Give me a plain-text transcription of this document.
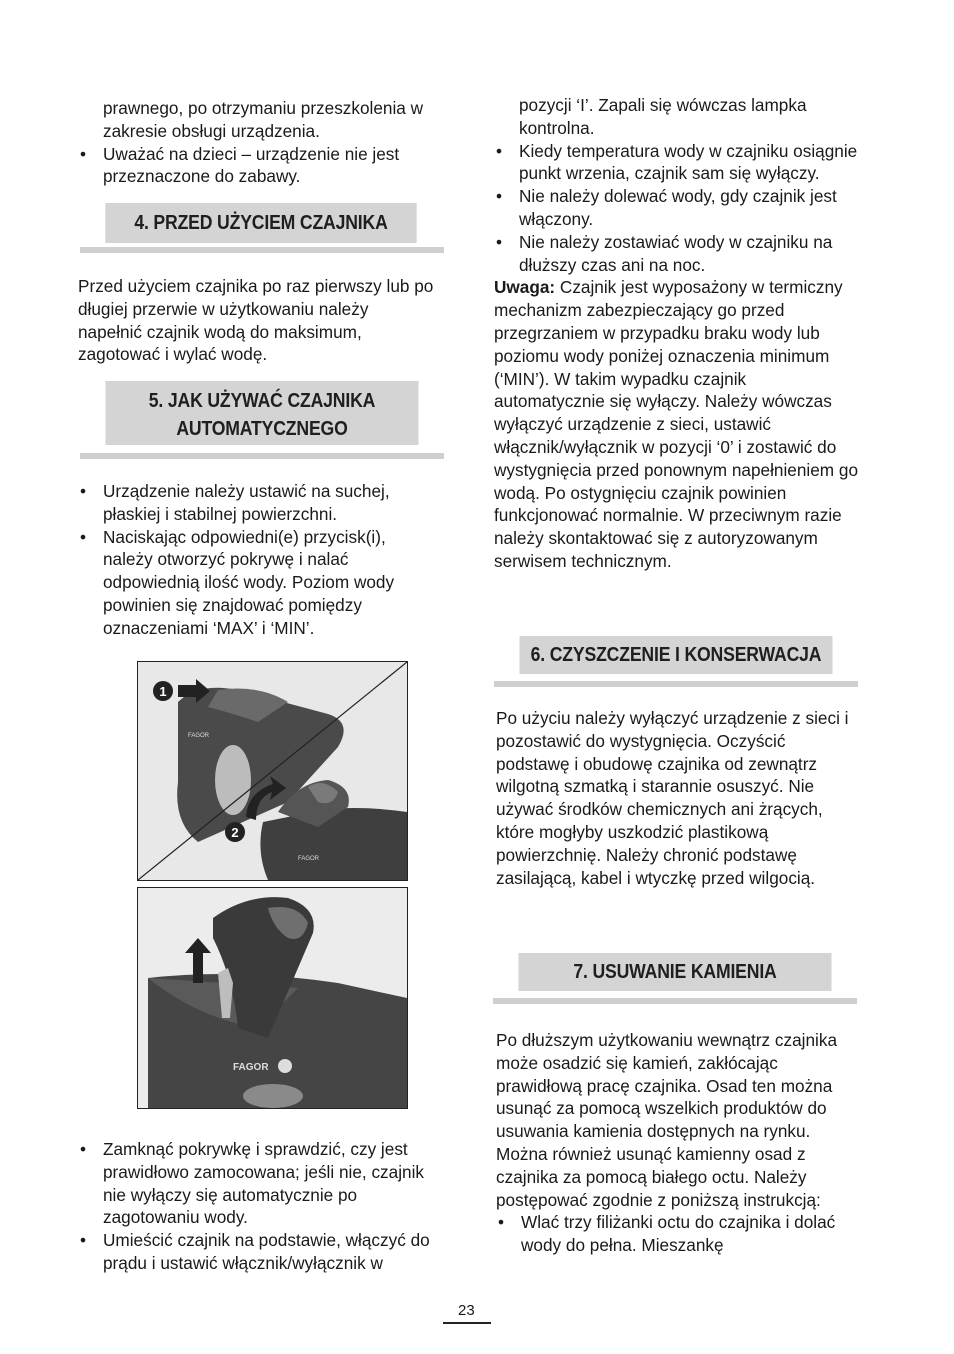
prawnego, po otrzymaniu przeszkolenia w zakresie obsługi urządzenia.

• Uważać na dzieci – urządzenie nie jest przeznaczone do zabawy.

4. PRZED UŻYCIEM CZAJNIKA

Przed użyciem czajnika po raz pierwszy lub po długiej przerwie w użytkowaniu należy napełnić czajnik wodą do maksimum, zagotować i wylać wodę.

5. JAK UŻYWAĆ CZAJNIKA
AUTOMATYCZNEGO

• Urządzenie należy ustawić na suchej, płaskiej i stabilnej powierzchni.

• Naciskając odpowiedni(e) przycisk(i), należy otworzyć pokrywę i nalać odpowiednią ilość wody. Poziom wody powinien się znajdować pomiędzy oznaczeniami ‘MAX’ i ‘MIN’.

FAGOR
FAGOR
1
2
FAGOR

• Zamknąć pokrywkę i sprawdzić, czy jest prawidłowo zamocowana; jeśli nie, czajnik nie wyłączy się automatycznie po zagotowaniu wody.

• Umieścić czajnik na podstawie, włączyć do prądu i ustawić włącznik/wyłącznik w

pozycji ‘I’. Zapali się wówczas lampka kontrolna.

• Kiedy temperatura wody w czajniku osiągnie punkt wrzenia, czajnik sam się wyłączy.

• Nie należy dolewać wody, gdy czajnik jest włączony.

• Nie należy zostawiać wody w czajniku na dłuższy czas ani na noc.

Uwaga: Czajnik jest wyposażony w termiczny mechanizm zabezpieczający go przed przegrzaniem w przypadku braku wody lub poziomu wody poniżej oznaczenia minimum (‘MIN’). W takim wypadku czajnik automatycznie się wyłączy. Należy wówczas wyłączyć urządzenie z sieci, ustawić włącznik/wyłącznik w pozycji ‘0’ i zostawić do wystygnięcia przed ponownym napełnieniem go wodą. Po ostygnięciu czajnik powinien funkcjonować normalnie. W przeciwnym razie należy skontaktować się z autoryzowanym serwisem technicznym.

6. CZYSZCZENIE I KONSERWACJA

Po użyciu należy wyłączyć urządzenie z sieci i pozostawić do wystygnięcia. Oczyścić podstawę i obudowę czajnika od zewnątrz wilgotną szmatką i starannie osuszyć. Nie używać środków chemicznych ani żrących, które mogłyby uszkodzić plastikową powierzchnię. Należy chronić podstawę zasilającą, kabel i wtyczkę przed wilgocią.

7. USUWANIE KAMIENIA

Po dłuższym użytkowaniu wewnątrz czajnika może osadzić się kamień, zakłócając prawidłową pracę czajnika. Osad ten można usunąć za pomocą wszelkich produktów do usuwania kamienia dostępnych na rynku. Można również usunąć kamienny osad z czajnika za pomocą białego octu. Należy postępować zgodnie z poniższą instrukcją:

• Wlać trzy filiżanki octu do czajnika i dolać wody do pełna. Mieszankę

23
